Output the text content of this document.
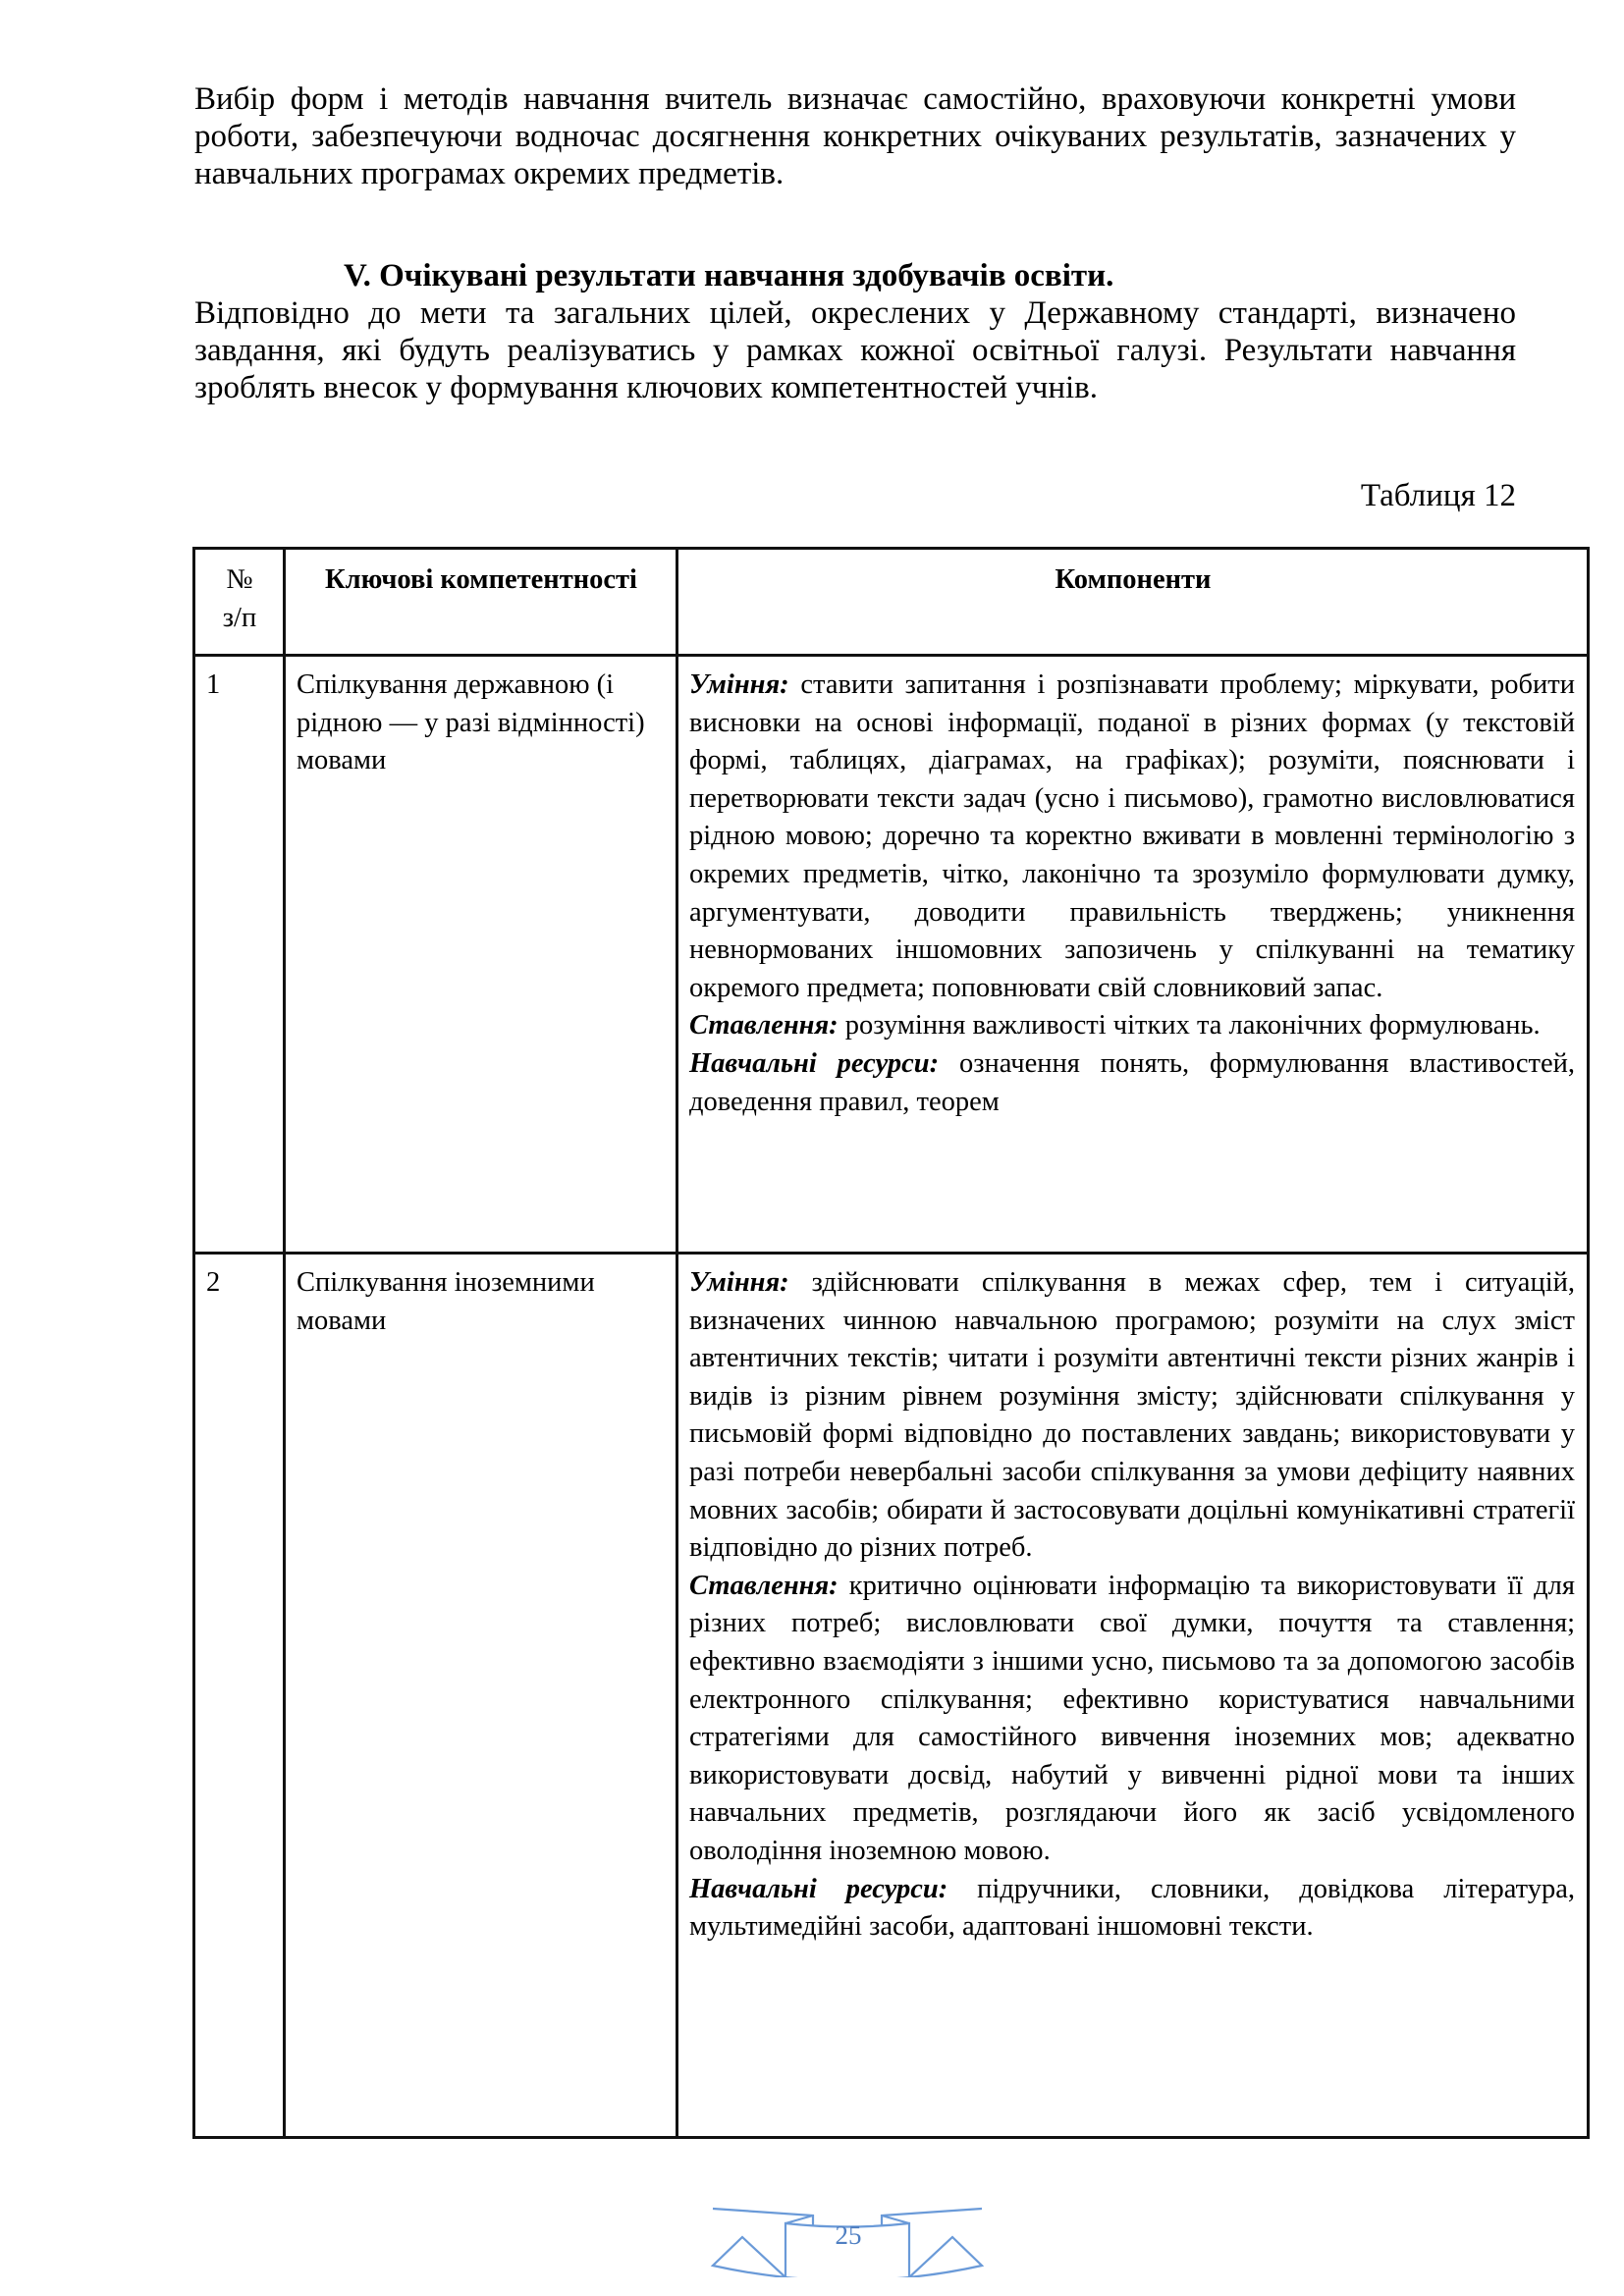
Вибір форм і методів навчання вчитель визначає самостійно, враховуючи конкретні умови роботи, забезпечуючи водночас досягнення конкретних очікуваних результатів, зазначених у навчальних програмах окремих предметів.

V. Очікувані результати навчання здобувачів освіти.

Відповідно до мети та загальних цілей, окреслених у Державному стандарті, визначено завдання, які будуть реалізуватись у рамках кожної освітньої галузі. Результати навчання зроблять внесок у формування ключових компетентностей учнів.

Таблиця 12

№
з/п	Ключові компетентності	Компоненти
1	Спілкування державною (і рідною — у разі відмінності) мовами	Уміння: ставити запитання і розпізнавати проблему; міркувати, робити висновки на основі інформації, поданої в різних формах (у текстовій формі, таблицях, діаграмах, на графіках); розуміти, пояснювати і перетворювати тексти задач (усно і письмово), грамотно висловлюватися рідною мовою; доречно та коректно вживати в мовленні термінологію з окремих предметів, чітко, лаконічно та зрозуміло формулювати думку, аргументувати, доводити правильність тверджень; уникнення невнормованих іншомовних запозичень у спілкуванні на тематику окремого предмета; поповнювати свій словниковий запас.
Ставлення: розуміння важливості чітких та лаконічних формулювань.
Навчальні ресурси: означення понять, формулювання властивостей, доведення правил, теорем

2	Спілкування іноземними мовами	Уміння: здійснювати спілкування в межах сфер, тем і ситуацій, визначених чинною навчальною програмою; розуміти на слух зміст автентичних текстів; читати і розуміти автентичні тексти різних жанрів і видів із різним рівнем розуміння змісту; здійснювати спілкування у письмовій формі відповідно до поставлених завдань; використовувати у разі потреби невербальні засоби спілкування за умови дефіциту наявних мовних засобів; обирати й застосовувати доцільні комунікативні стратегії відповідно до різних потреб.
Ставлення: критично оцінювати інформацію та використовувати її для різних потреб; висловлювати свої думки, почуття та ставлення; ефективно взаємодіяти з іншими усно, письмово та за допомогою засобів електронного спілкування; ефективно користуватися навчальними стратегіями для самостійного вивчення іноземних мов; адекватно використовувати досвід, набутий у вивченні рідної мови та інших навчальних предметів, розглядаючи його як засіб усвідомленого оволодіння іноземною мовою.
Навчальні ресурси: підручники, словники, довідкова література, мультимедійні засоби, адаптовані іншомовні тексти.
25
